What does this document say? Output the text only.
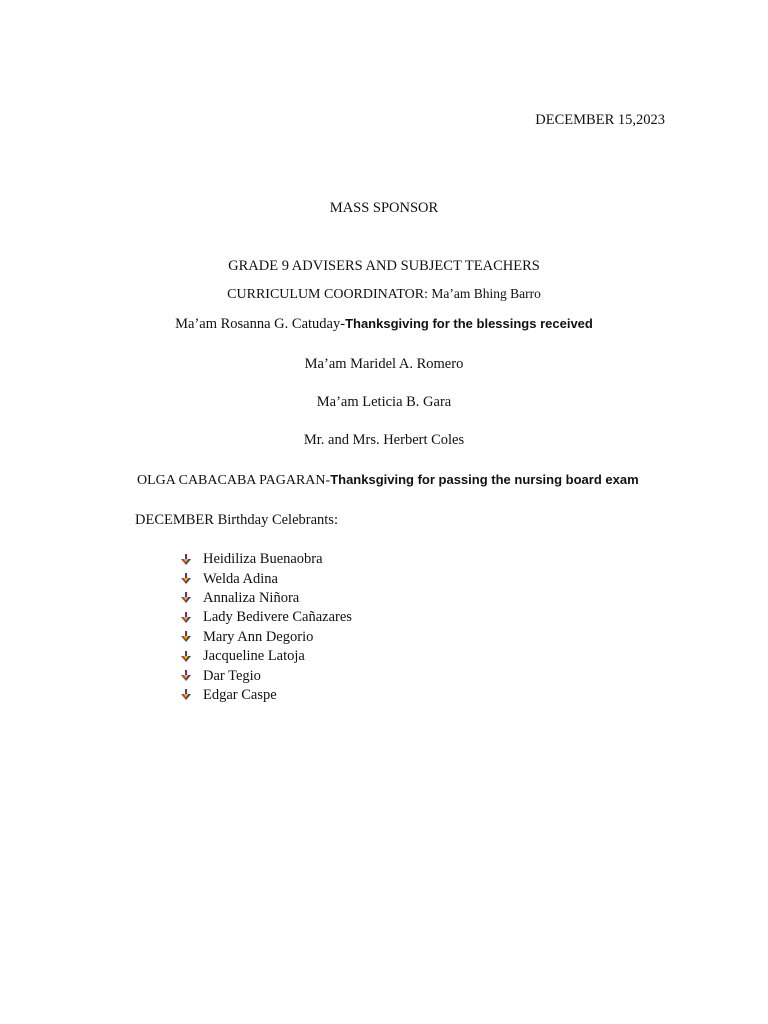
DECEMBER 15,2023
MASS SPONSOR
GRADE 9 ADVISERS AND SUBJECT TEACHERS
CURRICULUM COORDINATOR: Ma’am Bhing Barro
Ma’am Rosanna G. Catuday-Thanksgiving for the blessings received
Ma’am Maridel A. Romero
Ma’am Leticia B. Gara
Mr. and Mrs. Herbert Coles
OLGA CABACABA PAGARAN-Thanksgiving for passing the nursing board exam
DECEMBER Birthday Celebrants:
Heidiliza Buenaobra
Welda Adina
Annaliza Niñora
Lady Bedivere Cañazares
Mary Ann Degorio
Jacqueline Latoja
Dar Tegio
Edgar Caspe
